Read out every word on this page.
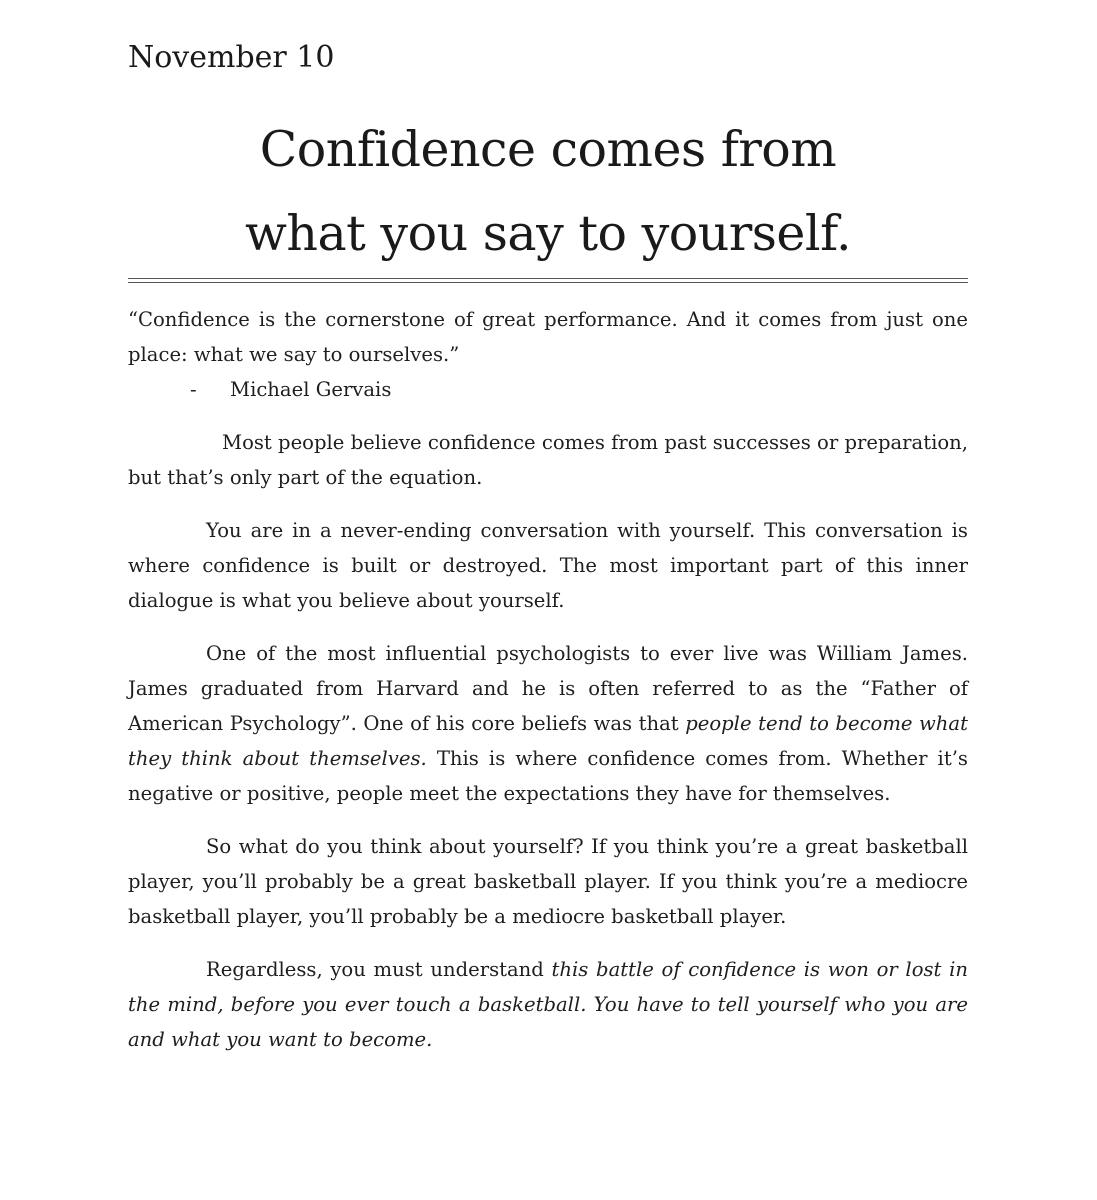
November 10
Confidence comes from
what you say to yourself.

“Confidence is the cornerstone of great performance. And it comes from just one place: what we say to ourselves.”

- Michael Gervais

Most people believe confidence comes from past successes or preparation, but that’s only part of the equation.

You are in a never-ending conversation with yourself. This conversation is where confidence is built or destroyed. The most important part of this inner dialogue is what you believe about yourself.

One of the most influential psychologists to ever live was William James. James graduated from Harvard and he is often referred to as the “Father of American Psychology”. One of his core beliefs was that people tend to become what they think about themselves. This is where confidence comes from. Whether it’s negative or positive, people meet the expectations they have for themselves.

So what do you think about yourself? If you think you’re a great basketball player, you’ll probably be a great basketball player. If you think you’re a mediocre basketball player, you’ll probably be a mediocre basketball player.

Regardless, you must understand this battle of confidence is won or lost in the mind, before you ever touch a basketball. You have to tell yourself who you are and what you want to become.
